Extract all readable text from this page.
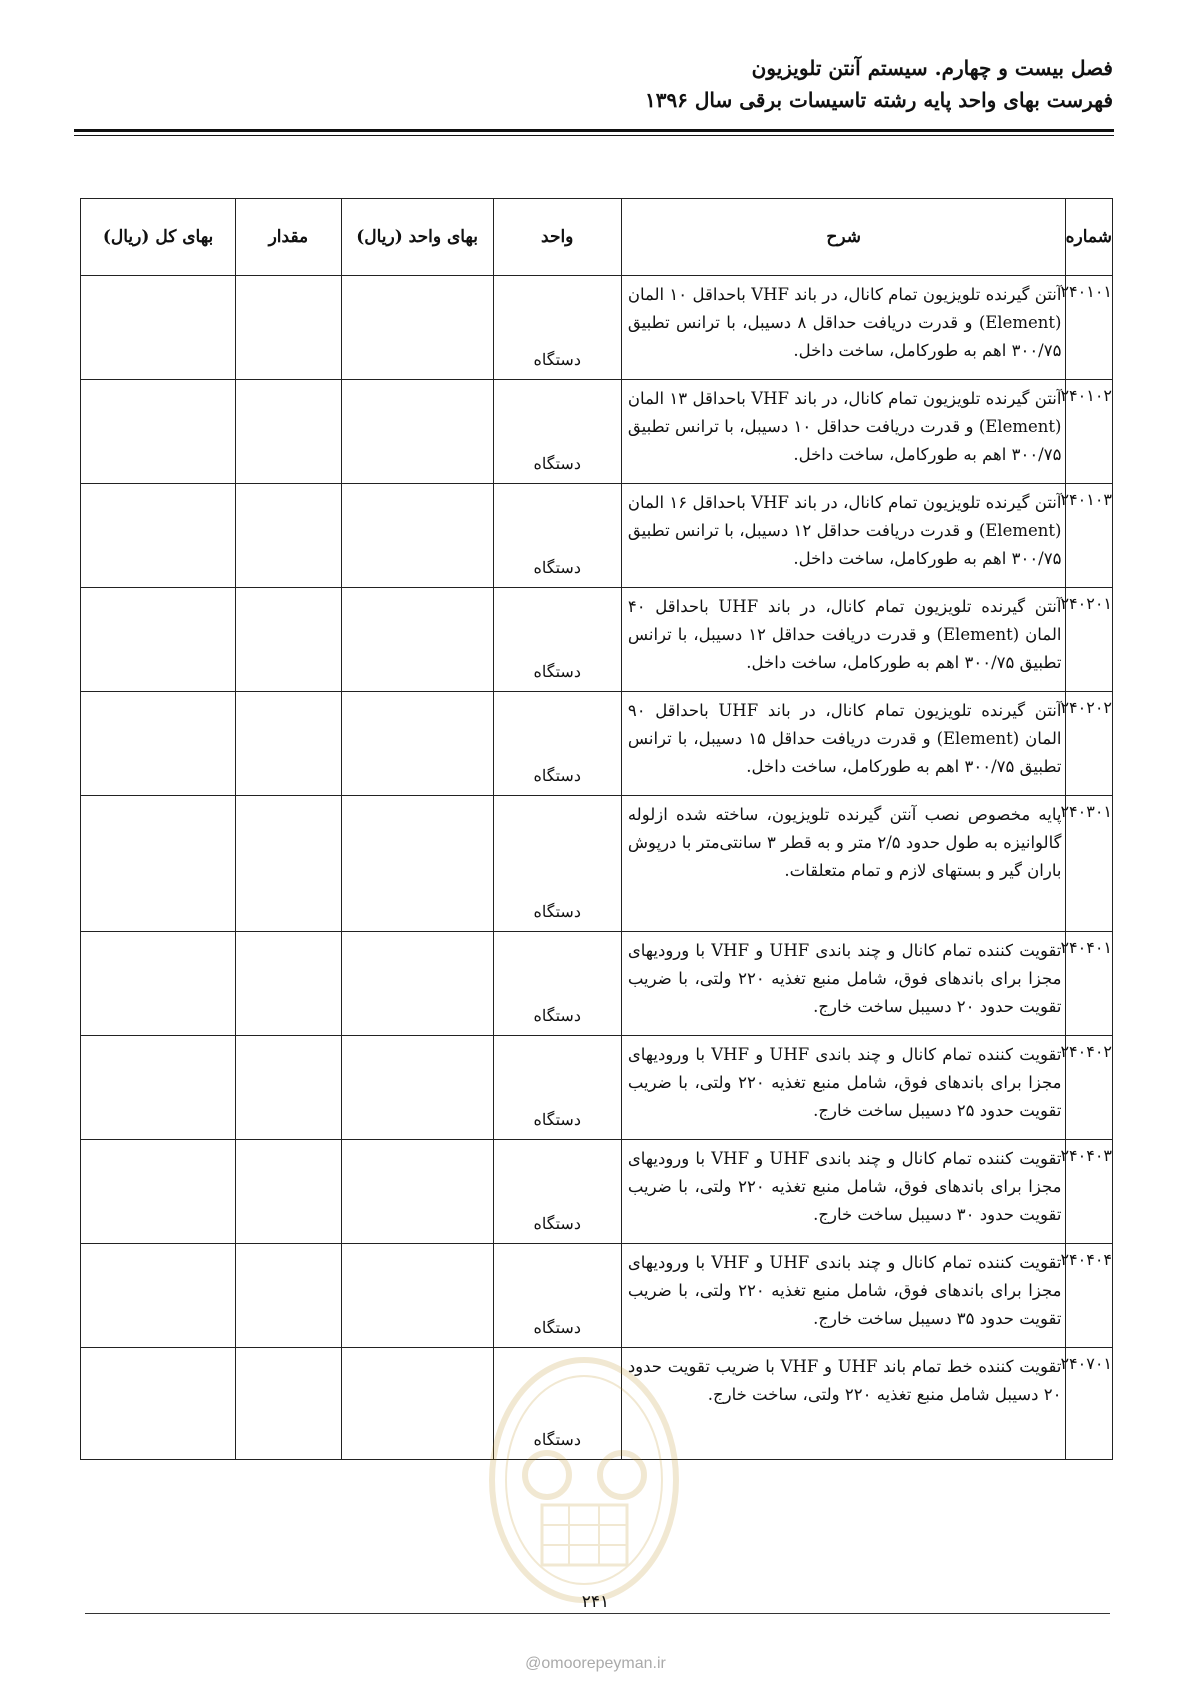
فصل بیست و چهارم. سیستم آنتن تلویزیون
فهرست بهای واحد پایه رشته تاسیسات برقی سال ۱۳۹۶
شماره	شرح	واحد	بهای واحد (ریال)	مقدار	بهای کل (ریال)
۲۴۰۱۰۱	آنتن گیرنده تلویزیون تمام کانال، در باند VHF باحداقل ۱۰ المان (Element) و قدرت دریافت حداقل ۸ دسیبل، با ترانس تطبیق ۳۰۰/۷۵ اهم به طورکامل، ساخت داخل.	دستگاه			
۲۴۰۱۰۲	آنتن گیرنده تلویزیون تمام کانال، در باند VHF باحداقل ۱۳ المان (Element) و قدرت دریافت حداقل ۱۰ دسیبل، با ترانس تطبیق ۳۰۰/۷۵ اهم به طورکامل، ساخت داخل.	دستگاه			
۲۴۰۱۰۳	آنتن گیرنده تلویزیون تمام کانال، در باند VHF باحداقل ۱۶ المان (Element) و قدرت دریافت حداقل ۱۲ دسیبل، با ترانس تطبیق ۳۰۰/۷۵ اهم به طورکامل، ساخت داخل.	دستگاه			
۲۴۰۲۰۱	آنتن گیرنده تلویزیون تمام کانال، در باند UHF باحداقل ۴۰ المان (Element) و قدرت دریافت حداقل ۱۲ دسیبل، با ترانس تطبیق ۳۰۰/۷۵ اهم به طورکامل، ساخت داخل.	دستگاه			
۲۴۰۲۰۲	آنتن گیرنده تلویزیون تمام کانال، در باند UHF باحداقل ۹۰ المان (Element) و قدرت دریافت حداقل ۱۵ دسیبل، با ترانس تطبیق ۳۰۰/۷۵ اهم به طورکامل، ساخت داخل.	دستگاه			
۲۴۰۳۰۱	پایه مخصوص نصب آنتن گیرنده تلویزیون، ساخته شده ازلوله گالوانیزه به طول حدود ۲/۵ متر و به قطر ۳ سانتی‌متر با درپوش باران گیر و بستهای لازم و تمام متعلقات.	دستگاه			
۲۴۰۴۰۱	تقویت کننده تمام کانال و چند باندی UHF و VHF با ورودیهای مجزا برای باندهای فوق، شامل منبع تغذیه ۲۲۰ ولتی، با ضریب تقویت حدود ۲۰ دسیبل ساخت خارج.	دستگاه			
۲۴۰۴۰۲	تقویت کننده تمام کانال و چند باندی UHF و VHF با ورودیهای مجزا برای باندهای فوق، شامل منبع تغذیه ۲۲۰ ولتی، با ضریب تقویت حدود ۲۵ دسیبل ساخت خارج.	دستگاه			
۲۴۰۴۰۳	تقویت کننده تمام کانال و چند باندی UHF و VHF با ورودیهای مجزا برای باندهای فوق، شامل منبع تغذیه ۲۲۰ ولتی، با ضریب تقویت حدود ۳۰ دسیبل ساخت خارج.	دستگاه			
۲۴۰۴۰۴	تقویت کننده تمام کانال و چند باندی UHF و VHF با ورودیهای مجزا برای باندهای فوق، شامل منبع تغذیه ۲۲۰ ولتی، با ضریب تقویت حدود ۳۵ دسیبل ساخت خارج.	دستگاه			
۲۴۰۷۰۱	تقویت کننده خط تمام باند UHF و VHF با ضریب تقویت حدود ۲۰ دسیبل شامل منبع تغذیه ۲۲۰ ولتی، ساخت خارج.	دستگاه			
۲۴۱
@omoorepeyman.ir
